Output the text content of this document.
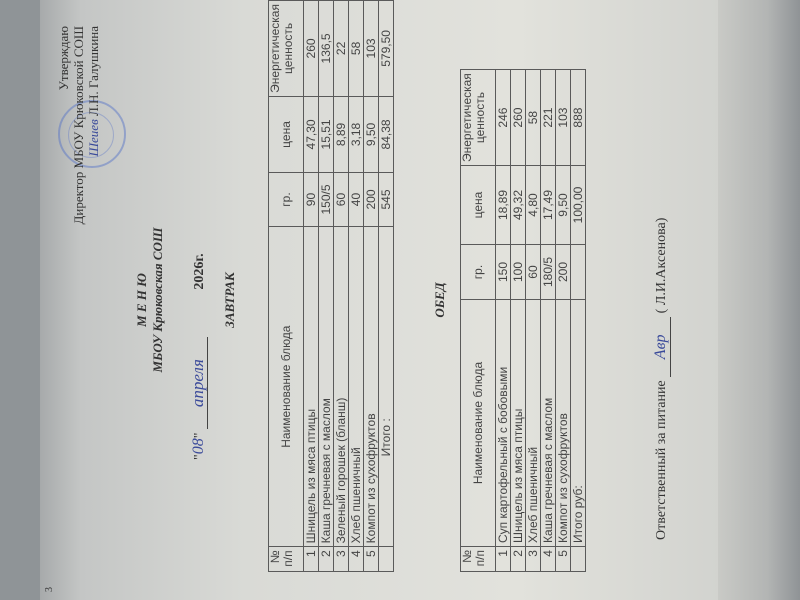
3
Утверждаю Директор МБОУ Крюковской СОШ Шеиев Л.Н. Галушкина
М Е Н Ю МБОУ Крюковская СОШ
"08" апреля 2026г.
ЗАВТРАК
№ п/п	Наименование блюда	гр.	цена	Энергетическая ценность
1	Шницель из мяса птицы	90	47,30	260
2	Каша гречневая с маслом	150/5	15,51	136,5
3	Зеленый горошек (бланш)	60	8,89	22
4	Хлеб пшеничный	40	3,18	58
5	Компот из сухофруктов	200	9,50	103
	Итого :	545	84,38	579,50
ОБЕД
№ п/п	Наименование блюда	гр.	цена	Энергетическая ценность
1	Суп картофельный с бобовыми	150	18,89	246
2	Шницель из мяса птицы	100	49,32	260
3	Хлеб пшеничный	60	4,80	58
4	Каша гречневая с маслом	180/5	17,49	221
5	Компот из сухофруктов	200	9,50	103
	Итого руб:		100,00	888
Ответственный за питание Авр ( Л.И.Аксенова)
